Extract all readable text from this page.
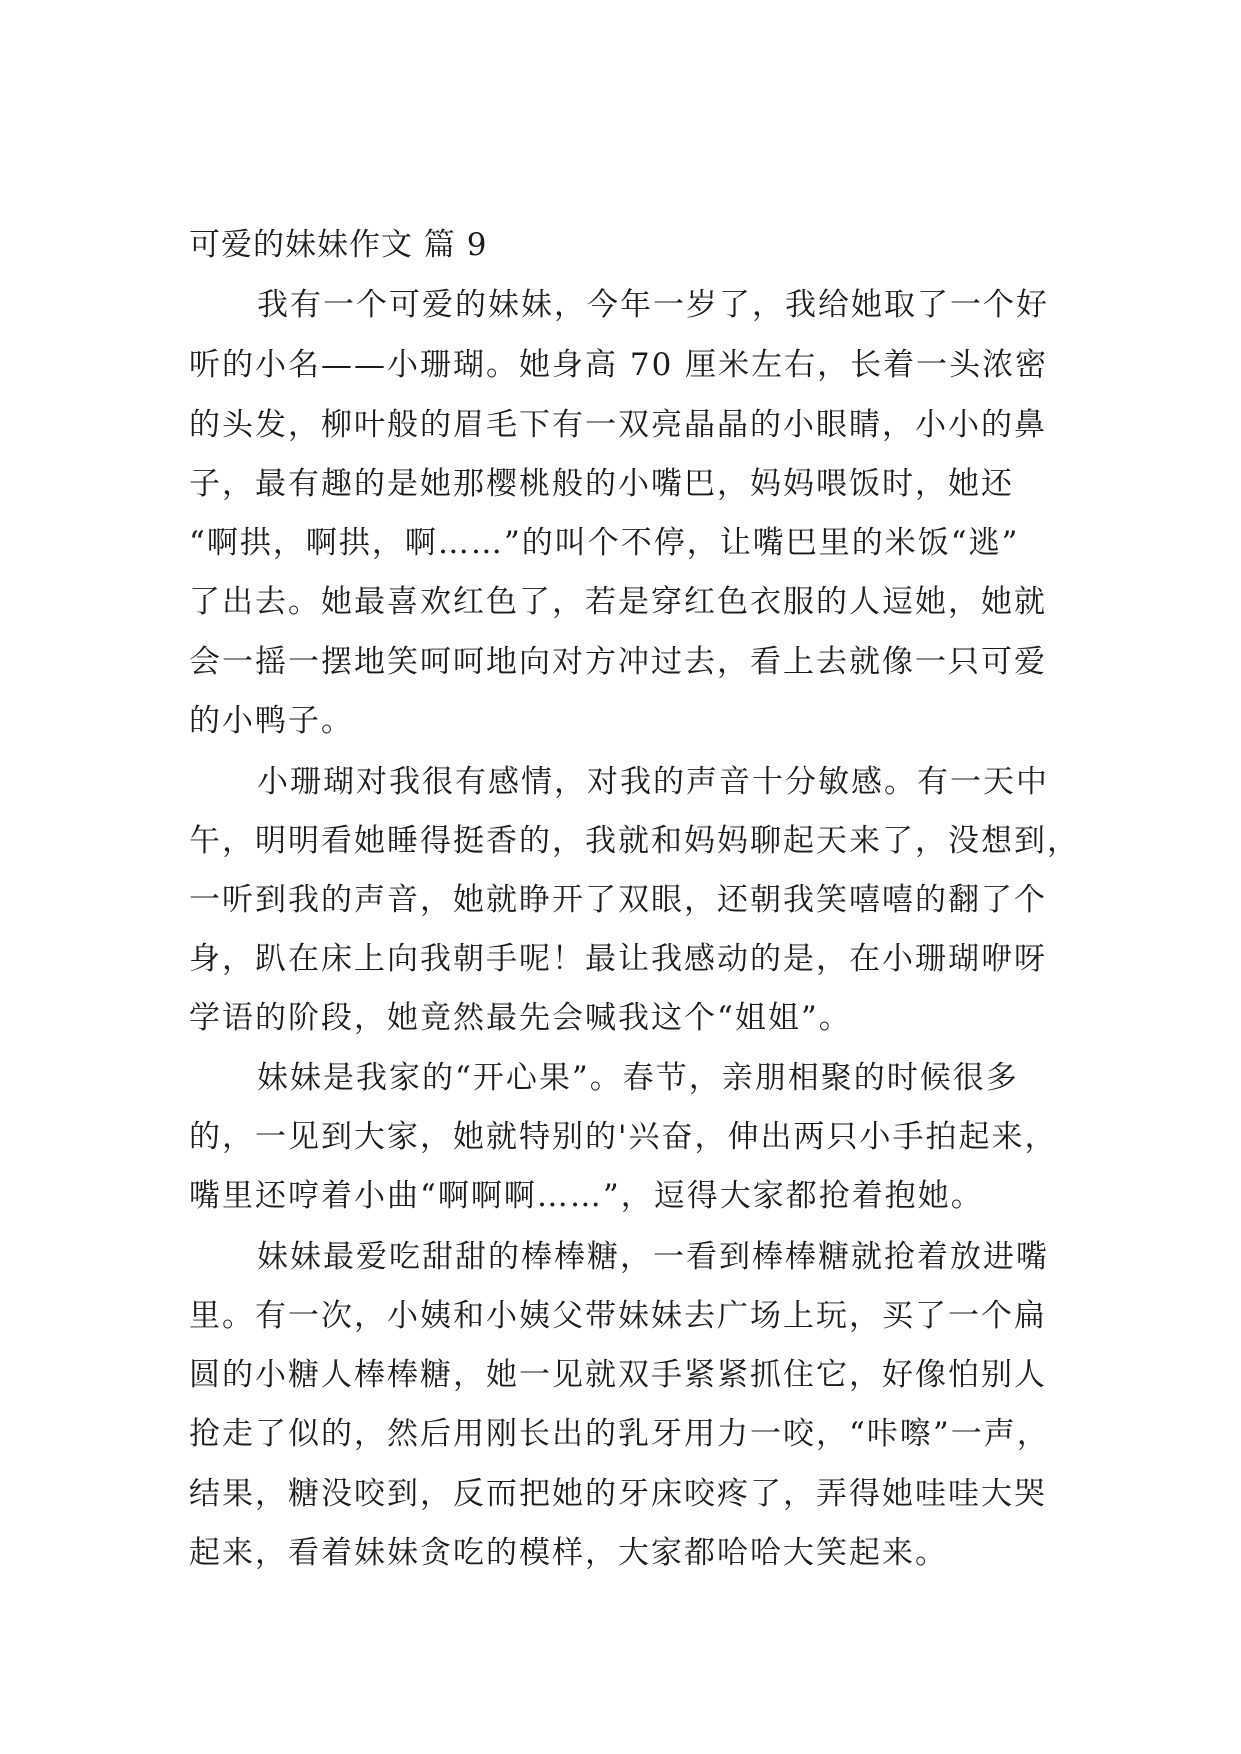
可爱的妹妹作文 篇 9
我有一个可爱的妹妹，今年一岁了，我给她取了一个好
听的小名——小珊瑚。她身高 70 厘米左右，长着一头浓密
的头发，柳叶般的眉毛下有一双亮晶晶的小眼睛，小小的鼻
子，最有趣的是她那樱桃般的小嘴巴，妈妈喂饭时，她还
“啊拱，啊拱，啊……”的叫个不停，让嘴巴里的米饭“逃”
了出去。她最喜欢红色了，若是穿红色衣服的人逗她，她就
会一摇一摆地笑呵呵地向对方冲过去，看上去就像一只可爱
的小鸭子。
小珊瑚对我很有感情，对我的声音十分敏感。有一天中
午，明明看她睡得挺香的，我就和妈妈聊起天来了，没想到，
一听到我的声音，她就睁开了双眼，还朝我笑嘻嘻的翻了个
身，趴在床上向我朝手呢！最让我感动的是，在小珊瑚咿呀
学语的阶段，她竟然最先会喊我这个“姐姐”。
妹妹是我家的“开心果”。春节，亲朋相聚的时候很多
的，一见到大家，她就特别的'兴奋，伸出两只小手拍起来，
嘴里还哼着小曲“啊啊啊……”，逗得大家都抢着抱她。
妹妹最爱吃甜甜的棒棒糖，一看到棒棒糖就抢着放进嘴
里。有一次，小姨和小姨父带妹妹去广场上玩，买了一个扁
圆的小糖人棒棒糖，她一见就双手紧紧抓住它，好像怕别人
抢走了似的，然后用刚长出的乳牙用力一咬，“咔嚓”一声，
结果，糖没咬到，反而把她的牙床咬疼了，弄得她哇哇大哭
起来，看着妹妹贪吃的模样，大家都哈哈大笑起来。
